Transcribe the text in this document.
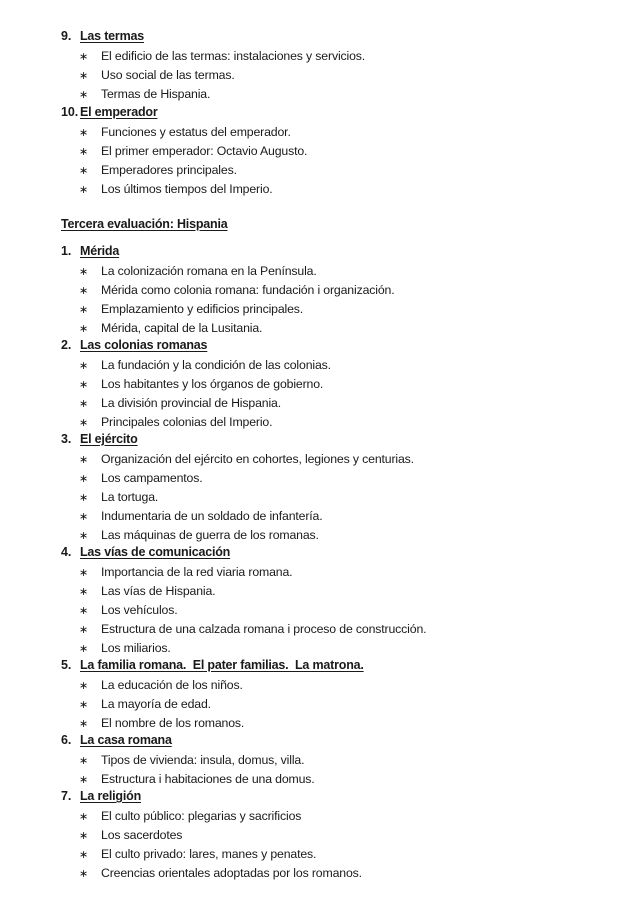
9. Las termas
∗ El edificio de las termas: instalaciones y servicios.
∗ Uso social de las termas.
∗ Termas de Hispania.
10. El emperador
∗ Funciones y estatus del emperador.
∗ El primer emperador: Octavio Augusto.
∗ Emperadores principales.
∗ Los últimos tiempos del Imperio.
Tercera evaluación: Hispania
1. Mérida
∗ La colonización romana en la Península.
∗ Mérida como colonia romana: fundación i organización.
∗ Emplazamiento y edificios principales.
∗ Mérida, capital de la Lusitania.
2. Las colonias romanas
∗ La fundación y la condición de las colonias.
∗ Los habitantes y los órganos de gobierno.
∗ La división provincial de Hispania.
∗ Principales colonias del Imperio.
3. El ejército
∗ Organización del ejército en cohortes, legiones y centurias.
∗ Los campamentos.
∗ La tortuga.
∗ Indumentaria de un soldado de infantería.
∗ Las máquinas de guerra de los romanas.
4. Las vías de comunicación
∗ Importancia de la red viaria romana.
∗ Las vías de Hispania.
∗ Los vehículos.
∗ Estructura de una calzada romana i proceso de construcción.
∗ Los miliarios.
5. La familia romana.  El pater familias.  La matrona.
∗ La educación de los niños.
∗ La mayoría de edad.
∗ El nombre de los romanos.
6. La casa romana
∗ Tipos de vivienda: insula, domus, villa.
∗ Estructura i habitaciones de una domus.
7. La religión
∗ El culto público: plegarias y sacrificios
∗ Los sacerdotes
∗ El culto privado: lares, manes y penates.
∗ Creencias orientales adoptadas por los romanos.
